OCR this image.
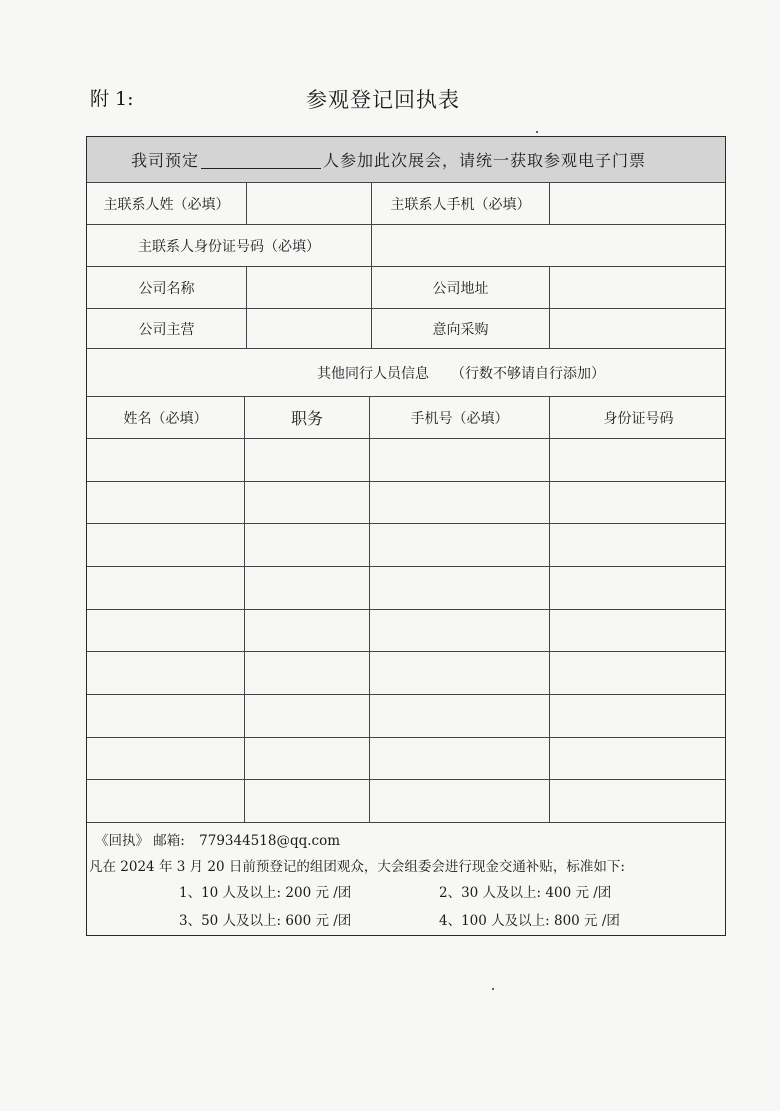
附 1:	参观登记回执表
我司预定	人参加此次展会，请统一获取参观电子门票
主联系人姓（必填）	主联系人手机（必填）
主联系人身份证号码（必填）
公司名称	公司地址
公司主营	意向采购
其他同行人员信息 （行数不够请自行添加）
姓名（必填）	职务	手机号（必填）	身份证号码
《回执》 邮箱: 779344518@qq.com
凡在 2024 年 3 月 20 日前预登记的组团观众，大会组委会进行现金交通补贴，标准如下:
1、10 人及以上: 200 元 /团	2、30 人及以上: 400 元 /团
3、50 人及以上: 600 元 /团	4、100 人及以上: 800 元 /团
